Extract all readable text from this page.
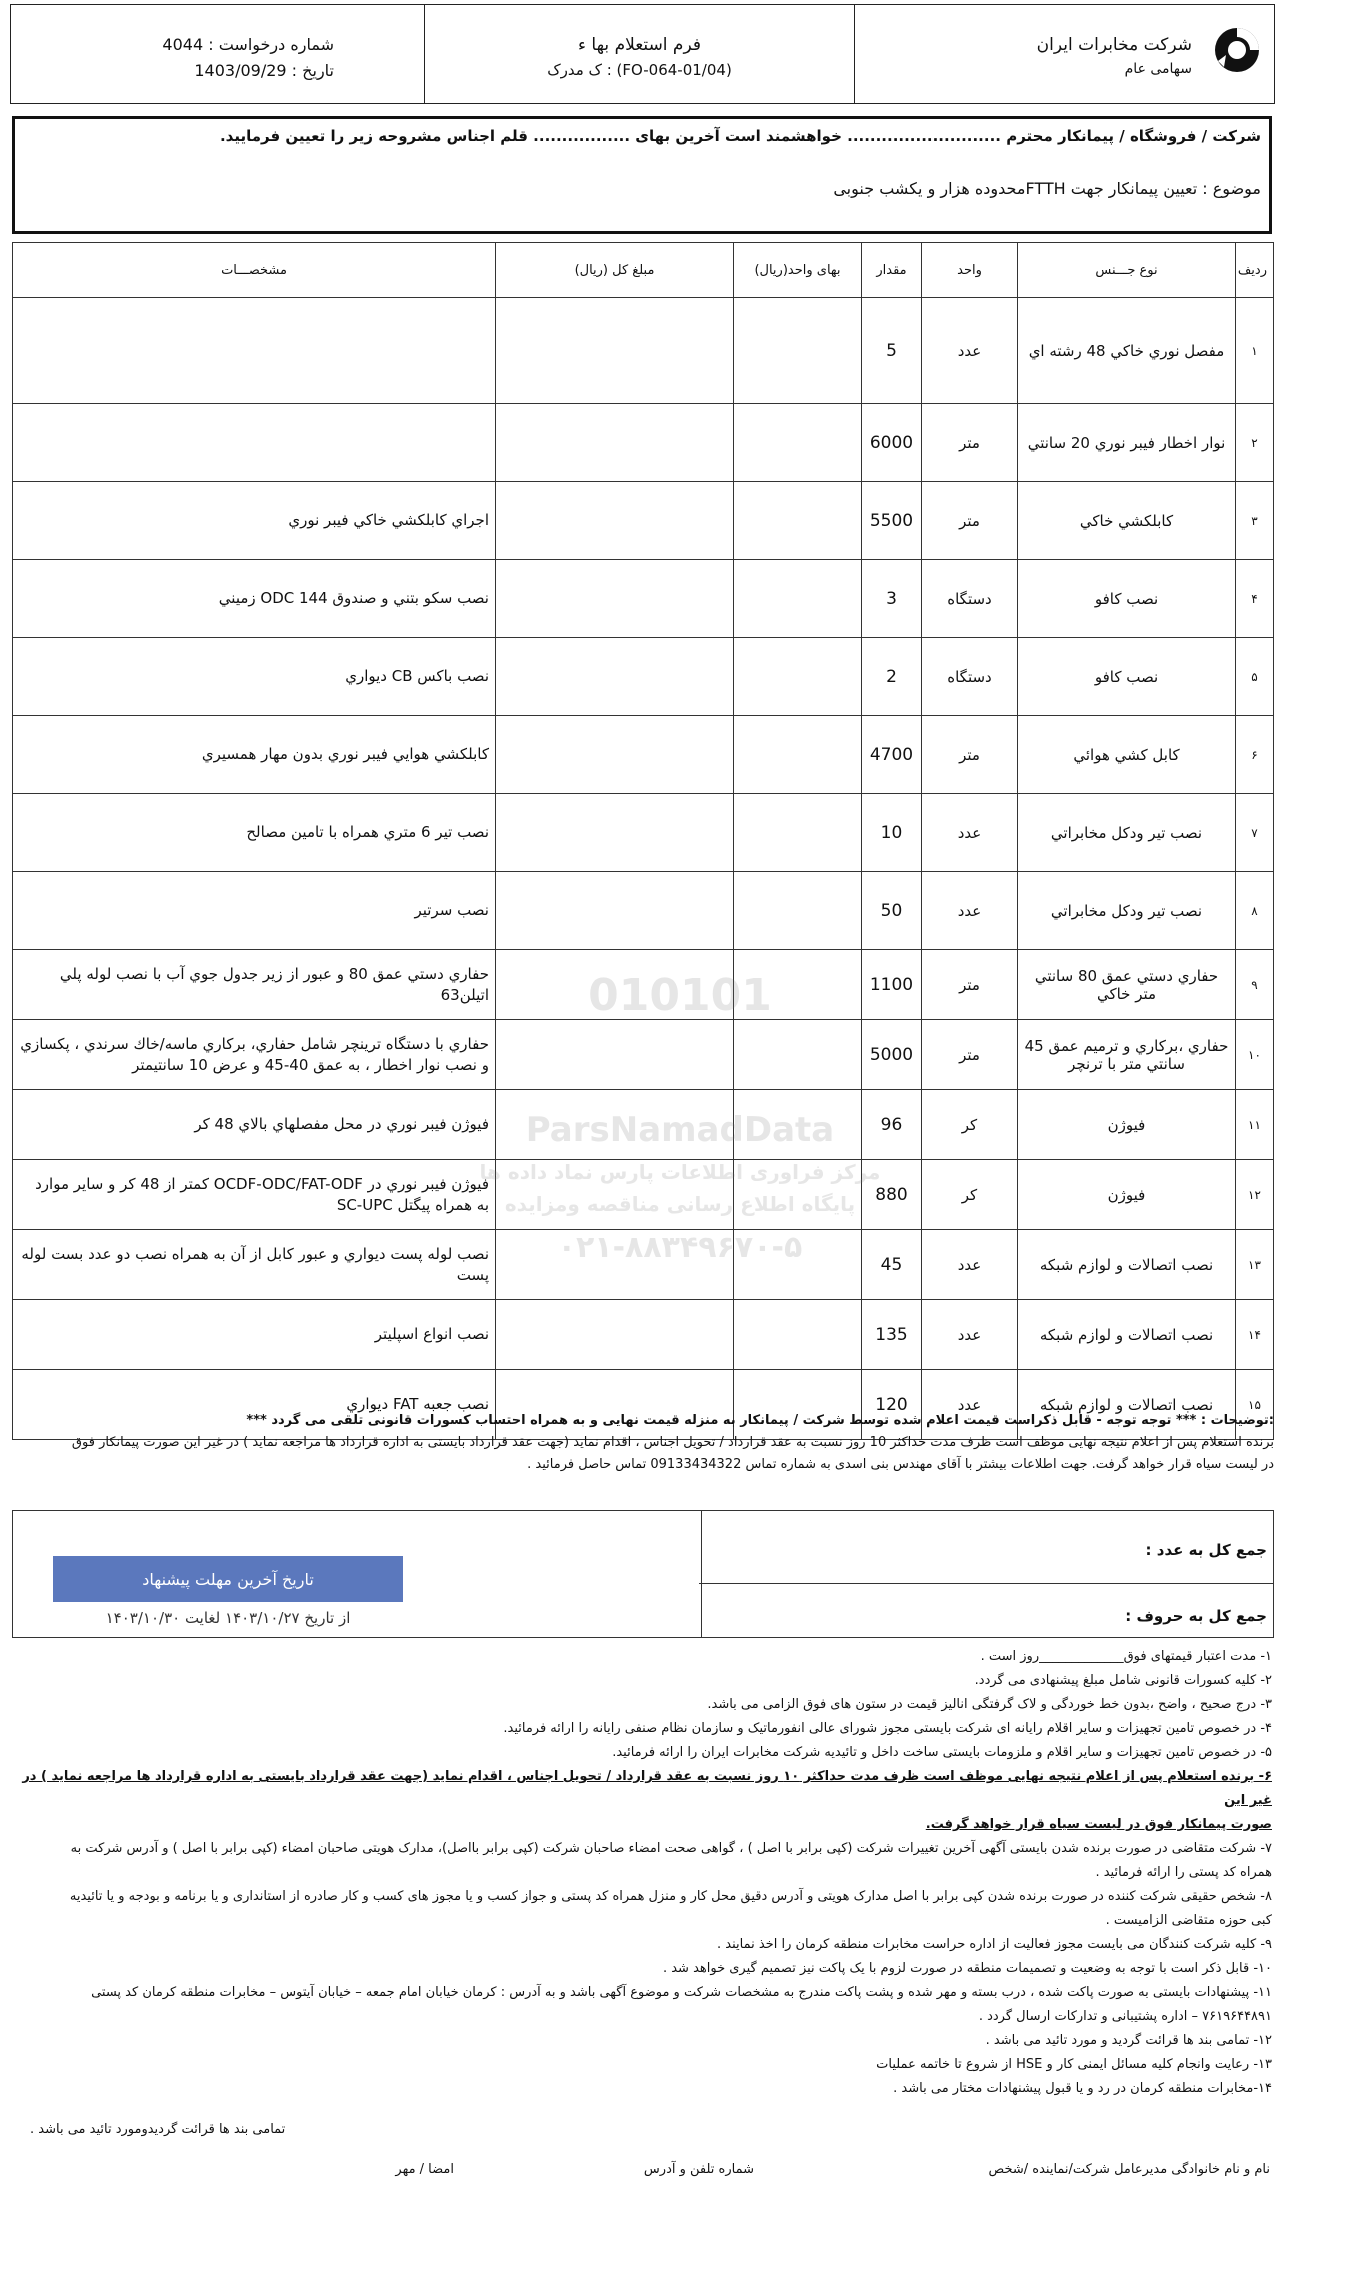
شرکت مخابرات ایران
سهامی عام
فرم استعلام بها ء
ک مدرک : (FO-064-01/04)
شماره درخواست : 4044
تاریخ : 1403/09/29
شرکت / فروشگاه / پیمانکار محترم ........................... خواهشمند است آخرین بهای ................. قلم اجناس مشروحه زیر را تعیین فرمایید.
موضوع : تعیین پیمانکار جهت FTTHمحدوده هزار و یکشب جنوبی
ردیف	نوع جـــنس	واحد	مقدار	بهای واحد(ریال)	مبلغ کل (ریال)	مشخصـــات
۱	مفصل نوري خاكي 48 رشته اي	عدد	5			
۲	نوار اخطار فيبر نوري 20 سانتي	متر	6000			
۳	كابلكشي خاكي	متر	5500			اجراي كابلكشي خاكي فيبر نوري
۴	نصب كافو	دستگاه	3			نصب سكو بتني و صندوق ODC 144 زميني
۵	نصب كافو	دستگاه	2			نصب باكس CB ديواري
۶	كابل كشي هوائي	متر	4700			كابلكشي هوايي فيبر نوري بدون مهار همسيري
۷	نصب تير ودكل مخابراتي	عدد	10			نصب تير 6 متري همراه با تامين مصالح
۸	نصب تير ودكل مخابراتي	عدد	50			نصب سرتير
۹	حفاري دستي عمق 80 سانتي متر خاكي	متر	1100			حفاري دستي عمق 80 و عبور از زير جدول جوي آب با نصب لوله پلي اتيلن63
۱۰	حفاري ،بركاري و ترميم عمق 45 سانتي متر با ترنچر	متر	5000			حفاري با دستگاه ترينچر شامل حفاري، بركاري ماسه/خاك سرندي ، پكسازي و نصب نوار اخطار ، به عمق 40-45 و عرض 10 سانتيمتر
۱۱	فيوژن	كر	96			فيوژن فيبر نوري در محل مفصلهاي بالاي 48 كر
۱۲	فيوژن	كر	880			فيوژن فيبر نوري در OCDF-ODC/FAT-ODF كمتر از 48 كر و ساير موارد به همراه پيگتل SC-UPC
۱۳	نصب اتصالات و لوازم شبكه	عدد	45			نصب لوله پست ديواري و عبور كابل از آن به همراه نصب دو عدد بست لوله پست
۱۴	نصب اتصالات و لوازم شبكه	عدد	135			نصب انواع اسپليتر
۱۵	نصب اتصالات و لوازم شبكه	عدد	120			نصب جعبه FAT ديواري
010101
ParsNamadData
مرکز فراوری اطلاعات پارس نماد داده ها
پایگاه اطلاع رسانی مناقصه ومزایده
۰۲۱-۸۸۳۴۹۶۷۰-۵
:توضیحات : *** توجه توجه - قابل ذکراست قیمت اعلام شده توسط شرکت / پیمانکار به منزله قیمت نهایی و به همراه احتساب کسورات قانونی تلقی می گردد ***
برنده استعلام پس از اعلام نتیجه نهایی موظف است ظرف مدت حداکثر 10 روز نسبت به عقد قرارداد / تحویل اجناس ، اقدام نماید (جهت عقد قرارداد بایستی به اداره قرارداد ها مراجعه نماید ) در غیر این صورت پیمانکار فوق
در لیست سیاه قرار خواهد گرفت. جهت اطلاعات بیشتر با آقای مهندس بنی اسدی به شماره تماس 09133434322 تماس حاصل فرمائید .
جمع کل به عدد :
جمع کل به حروف :
تاریخ آخرین مهلت پیشنهاد
از تاریخ ۱۴۰۳/۱۰/۲۷ لغایت ۱۴۰۳/۱۰/۳۰
۱- مدت اعتبار قیمتهای فوق_____________روز است .
۲- کلیه کسورات قانونی شامل مبلغ پیشنهادی می گردد.
۳- درج صحیح ، واضح ،بدون خط خوردگی و لاک گرفتگی انالیز قیمت در ستون های فوق الزامی می باشد.
۴- در خصوص تامین تجهیزات و سایر اقلام رایانه ای شرکت بایستی مجوز شورای عالی انفورماتیک و سازمان نظام صنفی رایانه را ارائه فرمائید.
۵- در خصوص تامین تجهیزات و سایر اقلام و ملزومات بایستی ساخت داخل و تائیدیه شرکت مخابرات ایران را ارائه فرمائید.
۶- برنده استعلام پس از اعلام نتیجه نهایی موظف است ظرف مدت حداکثر ۱۰ روز نسبت به عقد قرارداد / تحویل اجناس ، اقدام نماید (جهت عقد قرارداد بایستی به اداره قرارداد ها مراجعه نماید ) در غیر این
صورت پیمانکار فوق در لیست سیاه قرار خواهد گرفت.
۷- شرکت متقاضی در صورت برنده شدن بایستی آگهی آخرین تغییرات شرکت (کپی برابر با اصل ) ، گواهی صحت امضاء صاحبان شرکت (کپی برابر بااصل)، مدارک هویتی صاحبان امضاء (کپی برابر با اصل ) و آدرس شرکت به
همراه کد پستی را ارائه فرمائید .
۸- شخص حقیقی شرکت کننده در صورت برنده شدن کپی برابر با اصل مدارک هویتی و آدرس دقیق محل کار و منزل همراه کد پستی و جواز کسب و یا مجوز های کسب و کار صادره از استانداری و یا برنامه و بودجه و یا تائیدیه
کبی حوزه متقاضی الزامیست .
۹- کلیه شرکت کنندگان می بایست مجوز فعالیت از اداره حراست مخابرات منطقه کرمان را اخذ نمایند .
۱۰- قابل ذکر است با توجه به وضعیت و تصمیمات منطقه در صورت لزوم با یک پاکت نیز تصمیم گیری خواهد شد .
۱۱- پیشنهادات بایستی به صورت پاکت شده ، درب بسته و مهر شده و پشت پاکت مندرج به مشخصات شرکت و موضوع آگهی باشد و به آدرس : کرمان خیابان امام جمعه – خیابان آیتوس – مخابرات منطقه کرمان کد پستی
۷۶۱۹۶۴۴۸۹۱ – اداره پشتیبانی و تدارکات ارسال گردد .
۱۲- تمامی بند ها قرائت گردید و مورد تائید می باشد .
۱۳- رعایت وانجام کلیه مسائل ایمنی کار و HSE از شروع تا خاتمه عملیات
۱۴-مخابرات منطقه کرمان در رد و یا قبول پیشنهادات مختار می باشد .
تمامی بند ها قرائت گردیدومورد تائید می باشد .
نام و نام خانوادگی مدیرعامل شرکت/نماینده /شخص
شماره تلفن و آدرس
امضا / مهر
